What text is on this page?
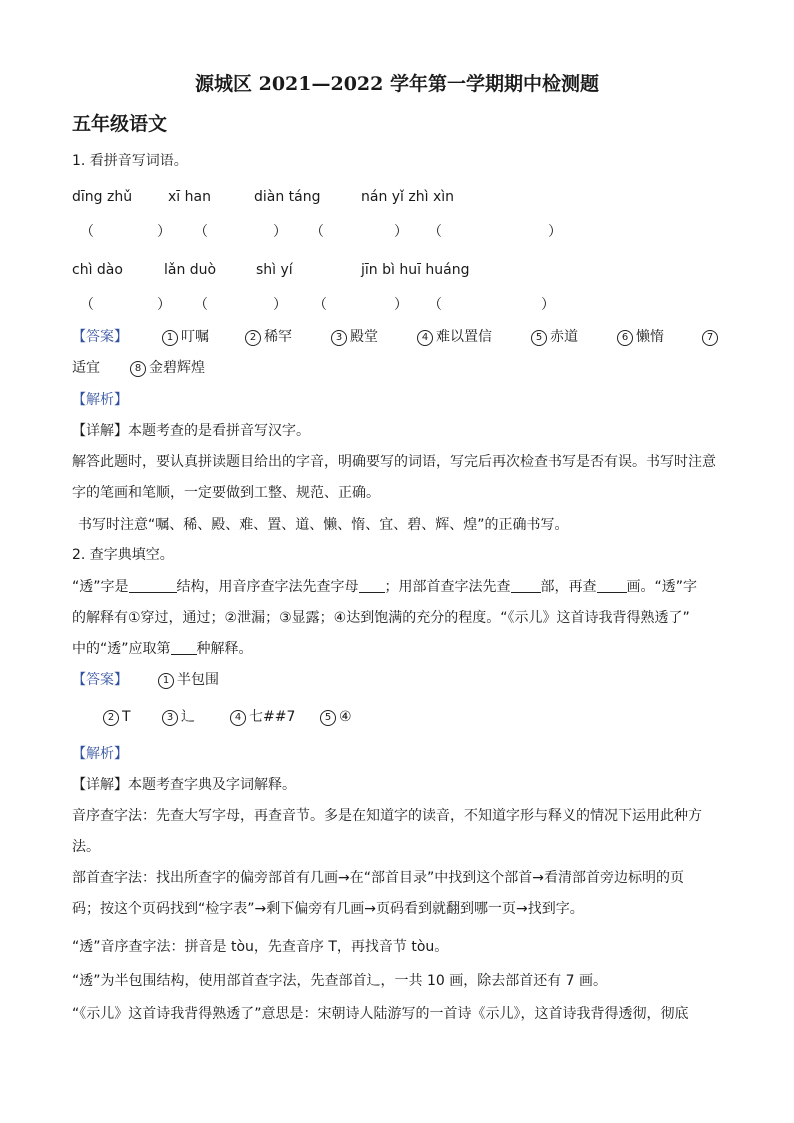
源城区 2021—2022 学年第一学期期中检测题
五年级语文
1. 看拼音写词语。
dīng zhǔ	xī han	diàn táng	nán yǐ zhì xìn
（	） （	） （	） （	）
chì dào	lǎn duò	shì yí	jīn bì huī huáng
（	） （	） （	） （	）
【答案】	1 叮嘱	2 稀罕	3 殿堂	4 难以置信	5 赤道	6 懒惰	7
适宜	8 金碧辉煌
【解析】
【详解】本题考查的是看拼音写汉字。
解答此题时，要认真拼读题目给出的字音，明确要写的词语，写完后再次检查书写是否有误。书写时注意
字的笔画和笔顺，一定要做到工整、规范、正确。
书写时注意“嘱、稀、殿、难、置、道、懒、惰、宜、碧、辉、煌”的正确书写。
2. 查字典填空。
“透”字是	结构，用音序查字法先查字母 ；用部首查字法先查 部，再查 画。“透”字
的解释有①穿过，通过；②泄漏；③显露；④达到饱满的充分的程度。“《示儿》这首诗我背得熟透了”
中的“透”应取第 种解释。
【答案】	1 半包围
2 T	3 辶	4 七##7	5 ④
【解析】
【详解】本题考查字典及字词解释。
音序查字法：先查大写字母，再查音节。多是在知道字的读音，不知道字形与释义的情况下运用此种方
法。
部首查字法：找出所查字的偏旁部首有几画→在“部首目录”中找到这个部首→看清部首旁边标明的页
码；按这个页码找到“检字表”→剩下偏旁有几画→页码看到就翻到哪一页→找到字。
“透”音序查字法：拼音是 tòu，先查音序 T，再找音节 tòu。
“透”为半包围结构，使用部首查字法，先查部首辶，一共 10 画，除去部首还有 7 画。
“《示儿》这首诗我背得熟透了”意思是：宋朝诗人陆游写的一首诗《示儿》，这首诗我背得透彻，彻底
